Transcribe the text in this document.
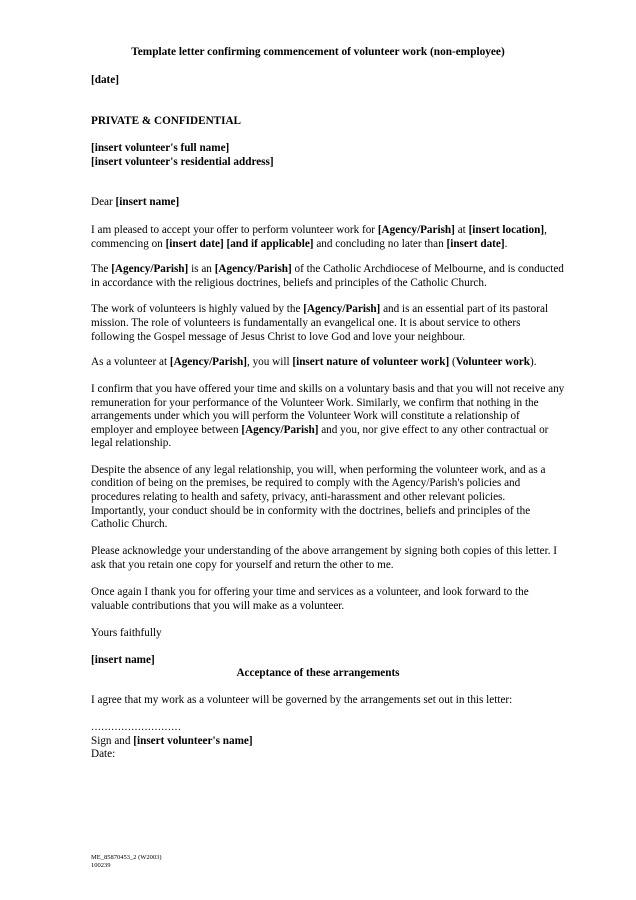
Template letter confirming commencement of volunteer work (non-employee)

[date]

PRIVATE & CONFIDENTIAL

[insert volunteer's full name]

[insert volunteer's residential address]

Dear [insert name]

I am pleased to accept your offer to perform volunteer work for [Agency/Parish] at [insert location],

commencing on [insert date] [and if applicable] and concluding no later than [insert date].

The [Agency/Parish] is an [Agency/Parish] of the Catholic Archdiocese of Melbourne, and is conducted

in accordance with the religious doctrines, beliefs and principles of the Catholic Church.

The work of volunteers is highly valued by the [Agency/Parish] and is an essential part of its pastoral

mission. The role of volunteers is fundamentally an evangelical one. It is about service to others

following the Gospel message of Jesus Christ to love God and love your neighbour.

As a volunteer at [Agency/Parish], you will [insert nature of volunteer work] (Volunteer work).

I confirm that you have offered your time and skills on a voluntary basis and that you will not receive any

remuneration for your performance of the Volunteer Work. Similarly, we confirm that nothing in the

arrangements under which you will perform the Volunteer Work will constitute a relationship of

employer and employee between [Agency/Parish] and you, nor give effect to any other contractual or

legal relationship.

Despite the absence of any legal relationship, you will, when performing the volunteer work, and as a

condition of being on the premises, be required to comply with the Agency/Parish's policies and

procedures relating to health and safety, privacy, anti-harassment and other relevant policies.

Importantly, your conduct should be in conformity with the doctrines, beliefs and principles of the

Catholic Church.

Please acknowledge your understanding of the above arrangement by signing both copies of this letter. I

ask that you retain one copy for yourself and return the other to me.

Once again I thank you for offering your time and services as a volunteer, and look forward to the

valuable contributions that you will make as a volunteer.

Yours faithfully

[insert name]

Acceptance of these arrangements

I agree that my work as a volunteer will be governed by the arrangements set out in this letter:

………………………

Sign and [insert volunteer's name]

Date:

ME_85870453_2 (W2003)
100239
